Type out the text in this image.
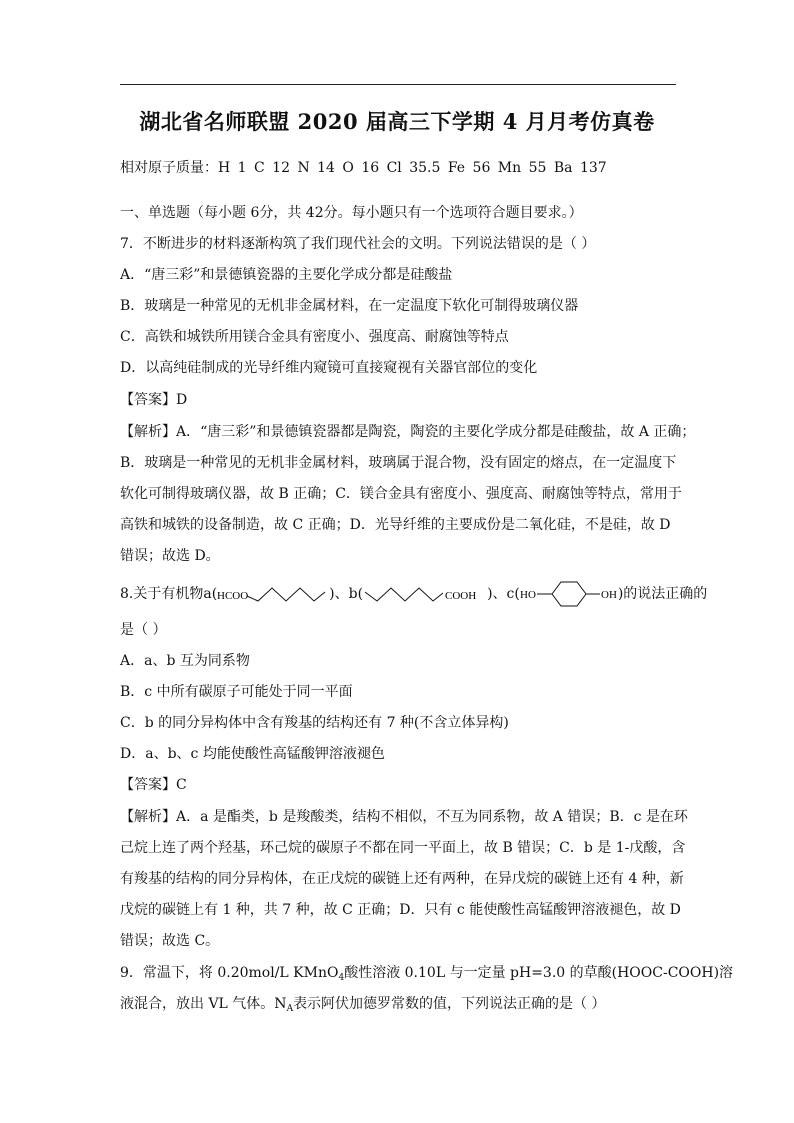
湖北省名师联盟 2020 届高三下学期 4 月月考仿真卷
相对原子质量：H 1 C 12 N 14 O 16 Cl 35.5 Fe 56 Mn 55 Ba 137
一、单选题（每小题 6分，共 42分。每小题只有一个选项符合题目要求。）
7．不断进步的材料逐渐构筑了我们现代社会的文明。下列说法错误的是（ ）
A．“唐三彩”和景德镇瓷器的主要化学成分都是硅酸盐
B．玻璃是一种常见的无机非金属材料，在一定温度下软化可制得玻璃仪器
C．高铁和城铁所用镁合金具有密度小、强度高、耐腐蚀等特点
D．以高纯硅制成的光导纤维内窥镜可直接窥视有关器官部位的变化
【答案】D
【解析】A．“唐三彩”和景德镇瓷器都是陶瓷，陶瓷的主要化学成分都是硅酸盐，故 A 正确；
B．玻璃是一种常见的无机非金属材料，玻璃属于混合物，没有固定的熔点，在一定温度下
软化可制得玻璃仪器，故 B 正确；C．镁合金具有密度小、强度高、耐腐蚀等特点，常用于
高铁和城铁的设备制造，故 C 正确；D．光导纤维的主要成份是二氧化硅，不是硅，故 D
错误；故选 D。
8.关于有机物a( HCOO	)、b(	COOH )、c( HO	OH )的说法正确的
是（ ）
A．a、b 互为同系物
B．c 中所有碳原子可能处于同一平面
C．b 的同分异构体中含有羧基的结构还有 7 种(不含立体异构)
D．a、b、c 均能使酸性高锰酸钾溶液褪色
【答案】C
【解析】A．a 是酯类，b 是羧酸类，结构不相似，不互为同系物，故 A 错误；B．c 是在环
己烷上连了两个羟基，环己烷的碳原子不都在同一平面上，故 B 错误；C．b 是 1-戊酸，含
有羧基的结构的同分异构体，在正戊烷的碳链上还有两种，在异戊烷的碳链上还有 4 种，新
戊烷的碳链上有 1 种，共 7 种，故 C 正确；D．只有 c 能使酸性高锰酸钾溶液褪色，故 D
错误；故选 C。
9．常温下，将 0.20mol/L KMnO$_4$酸性溶液 0.10L 与一定量 pH=3.0 的草酸(HOOC-COOH)溶
液混合，放出 VL 气体。$N_A$表示阿伏加德罗常数的值，下列说法正确的是（ ）
